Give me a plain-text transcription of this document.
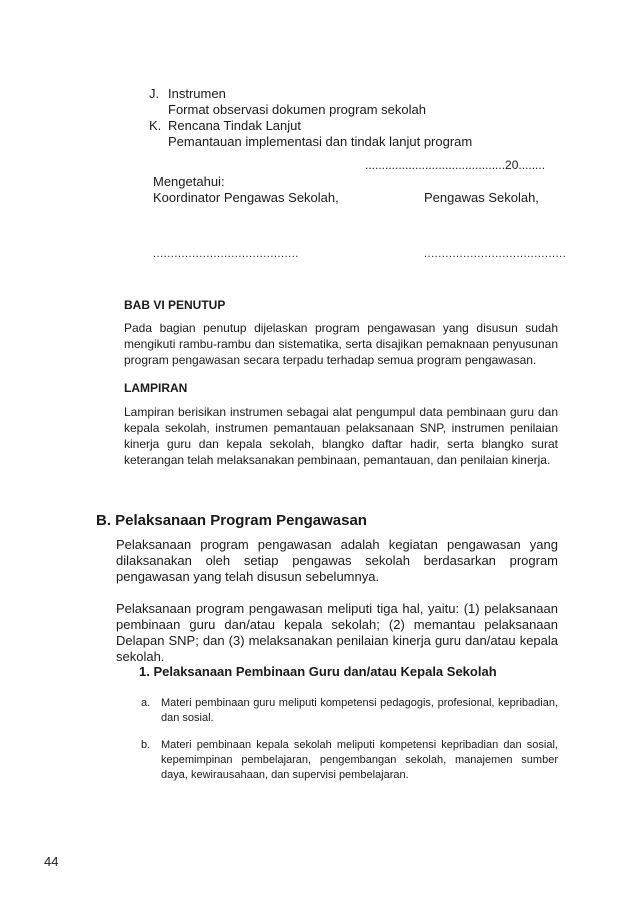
J. Instrumen
Format observasi dokumen program sekolah
K. Rencana Tindak Lanjut
Pemantauan implementasi dan tindak lanjut program
..........................................20........
Mengetahui:
Koordinator Pengawas Sekolah,	Pengawas Sekolah,
.........................................	........................................
BAB VI PENUTUP
Pada bagian penutup dijelaskan program pengawasan yang disusun sudah mengikuti rambu-rambu dan sistematika, serta disajikan pemaknaan penyusunan program pengawasan secara terpadu terhadap semua program pengawasan.
LAMPIRAN
Lampiran berisikan instrumen sebagai alat pengumpul data pembinaan guru dan kepala sekolah, instrumen pemantauan pelaksanaan SNP, instrumen penilaian kinerja guru dan kepala sekolah, blangko daftar hadir, serta blangko surat keterangan telah melaksanakan pembinaan, pemantauan, dan penilaian kinerja.
B. Pelaksanaan Program Pengawasan
Pelaksanaan program pengawasan adalah kegiatan pengawasan yang dilaksanakan oleh setiap pengawas sekolah berdasarkan program pengawasan yang telah disusun sebelumnya.
Pelaksanaan program pengawasan meliputi tiga hal, yaitu: (1) pelaksanaan pembinaan guru dan/atau kepala sekolah; (2) memantau pelaksanaan Delapan SNP; dan (3) melaksanakan penilaian kinerja guru dan/atau kepala sekolah.
1. Pelaksanaan Pembinaan Guru dan/atau Kepala Sekolah
a. Materi pembinaan guru meliputi kompetensi pedagogis, profesional, kepribadian, dan sosial.
b. Materi pembinaan kepala sekolah meliputi kompetensi kepribadian dan sosial, kepemimpinan pembelajaran, pengembangan sekolah, manajemen sumber daya, kewirausahaan, dan supervisi pembelajaran.
44
